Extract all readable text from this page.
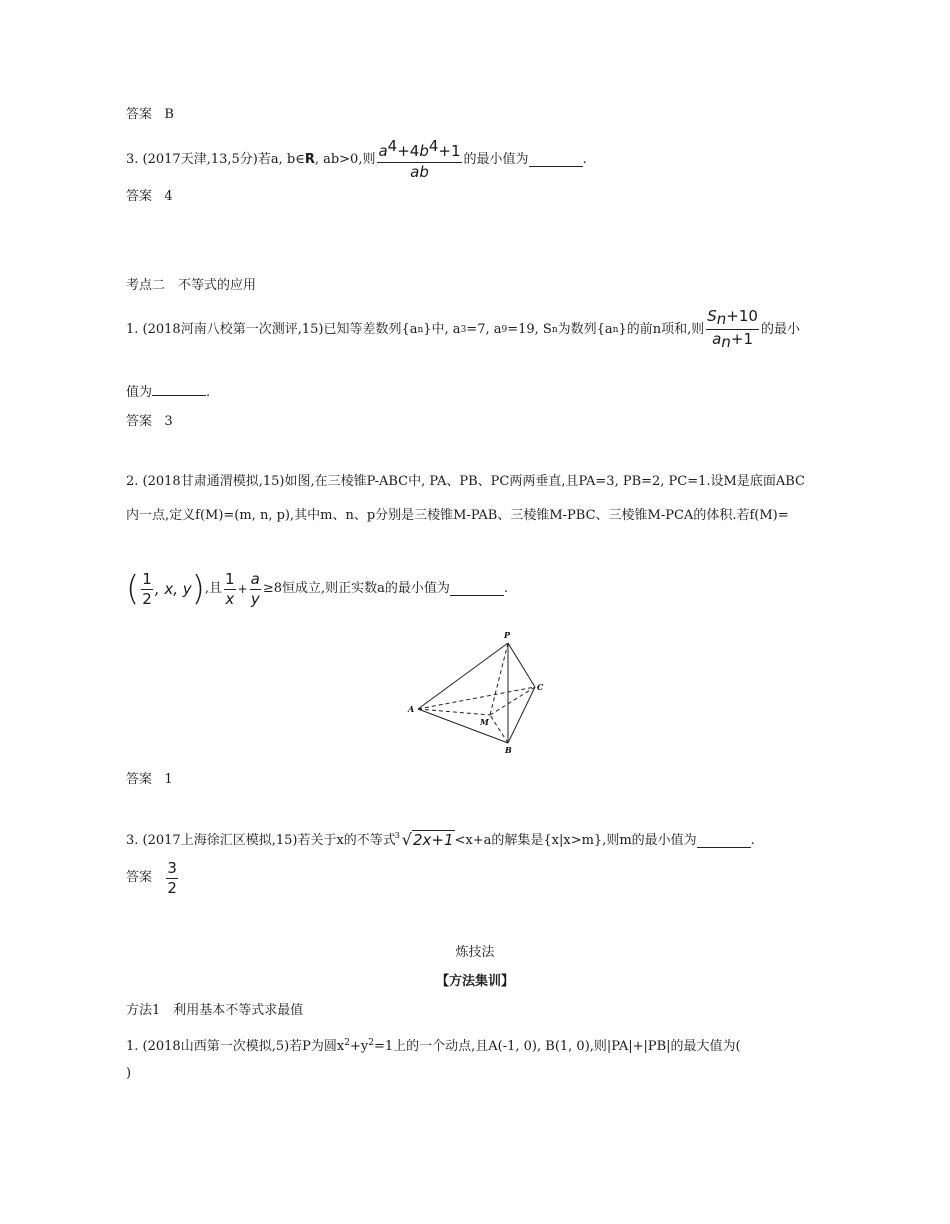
答案 B
3. (2017天津,13,5分)若a, b∈ R , ab>0,则 $\frac{a^4+4b^4+1}{ab}$ 的最小值为	.
答案 4
考点二　不等式的应用
1. (2018河南八校第一次测评,15)已知等差数列{a n }中, a 3 =7, a 9 =19, S n 为数列{a n }的前n项和,则 $\frac{S_n+10}{a_n+1}$ 的最小
值为	.
答案 3
2. (2018甘肃通渭模拟,15)如图,在三棱锥P-ABC中, PA、PB、PC两两垂直,且PA=3, PB=2, PC=1.设M是底面ABC
内一点,定义f(M)=(m, n, p),其中m、n、p分别是三棱锥M-PAB、三棱锥M-PBC、三棱锥M-PCA的体积.若f(M)=
( $\frac{1}{2}$ , x, y ) ,且 $\frac{1}{x} + \frac{a}{y} \ge 8$恒成立,则正实数a的最小值为	.
P
A
B
C
M
答案 1
3. (2017上海徐汇区模拟,15)若关于x的不等式 3 √2x+1 <x+a的解集是{x|x>m},则m的最小值为	.
答案
$\frac{3}{2}$
炼技法
【方法集训】
方法1　利用基本不等式求最值
1. (2018山西第一次模拟,5)若P为圆$x^2+y^2=1$上的一个动点,且A(-1, 0), B(1, 0),则|PA|+|PB|的最大值为(
)
